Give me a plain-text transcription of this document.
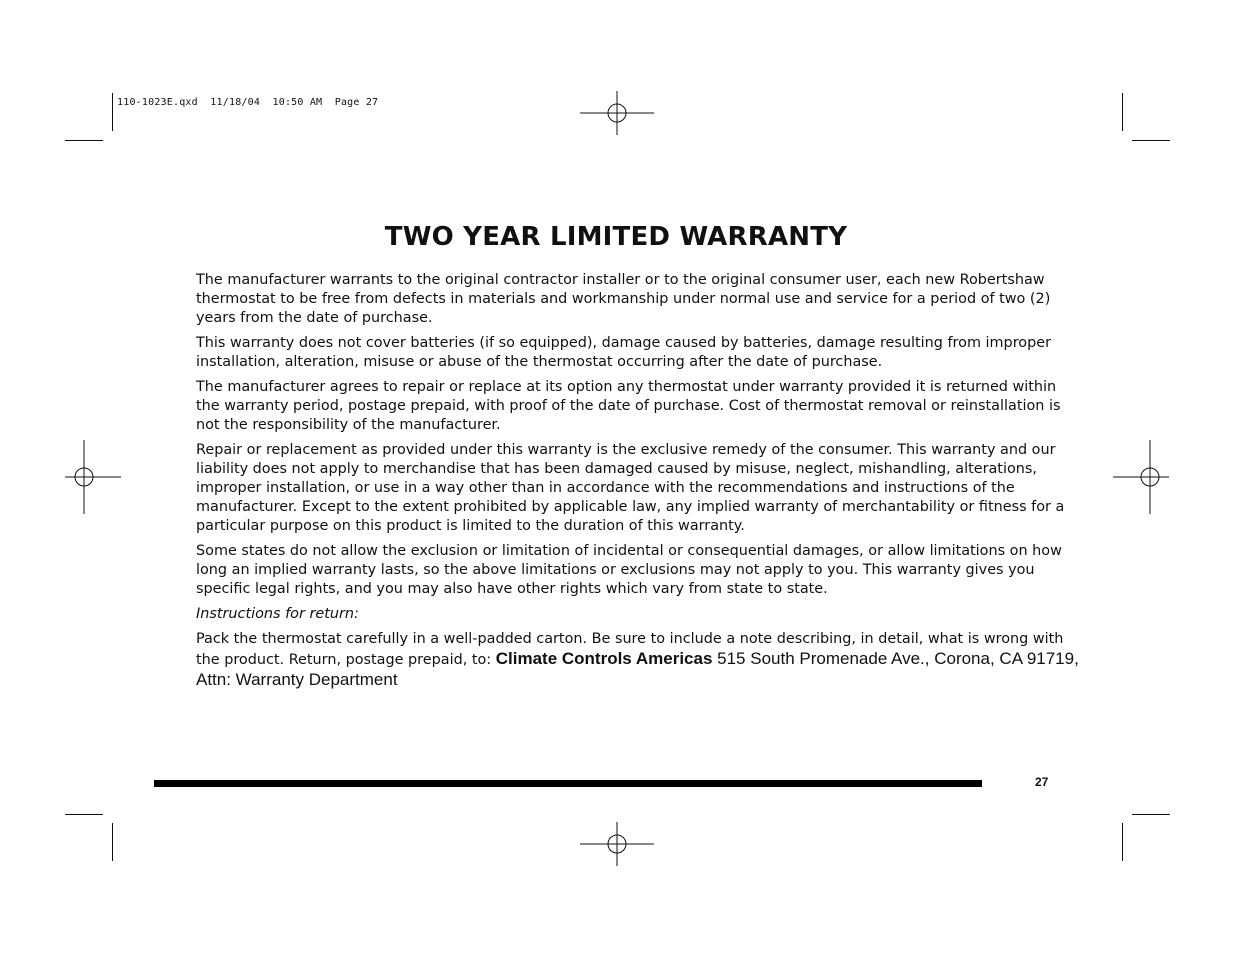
110-1023E.qxd  11/18/04  10:50 AM  Page 27
TWO YEAR LIMITED WARRANTY

The manufacturer warrants to the original contractor installer or to the original consumer user, each new Robertshaw thermostat to be free from defects in materials and workmanship under normal use and service for a period of two (2) years from the date of purchase.

This warranty does not cover batteries (if so equipped), damage caused by batteries, damage resulting from improper installation, alteration, misuse or abuse of the thermostat occurring after the date of purchase.

The manufacturer agrees to repair or replace at its option any thermostat under warranty provided it is returned within the warranty period, postage prepaid, with proof of the date of purchase. Cost of thermostat removal or reinstallation is not the responsibility of the manufacturer.

Repair or replacement as provided under this warranty is the exclusive remedy of the consumer. This warranty and our liability does not apply to merchandise that has been damaged caused by misuse, neglect, mishandling, alterations, improper installation, or use in a way other than in accordance with the recommendations and instructions of the manufacturer. Except to the extent prohibited by applicable law, any implied warranty of merchantability or fitness for a particular purpose on this product is limited to the duration of this warranty.

Some states do not allow the exclusion or limitation of incidental or consequential damages, or allow limitations on how long an implied warranty lasts, so the above limitations or exclusions may not apply to you. This warranty gives you specific legal rights, and you may also have other rights which vary from state to state.

Instructions for return:

Pack the thermostat carefully in a well-padded carton. Be sure to include a note describing, in detail, what is wrong with the product. Return, postage prepaid, to: Climate Controls Americas 515 South Promenade Ave., Corona, CA 91719, Attn: Warranty Department

27
